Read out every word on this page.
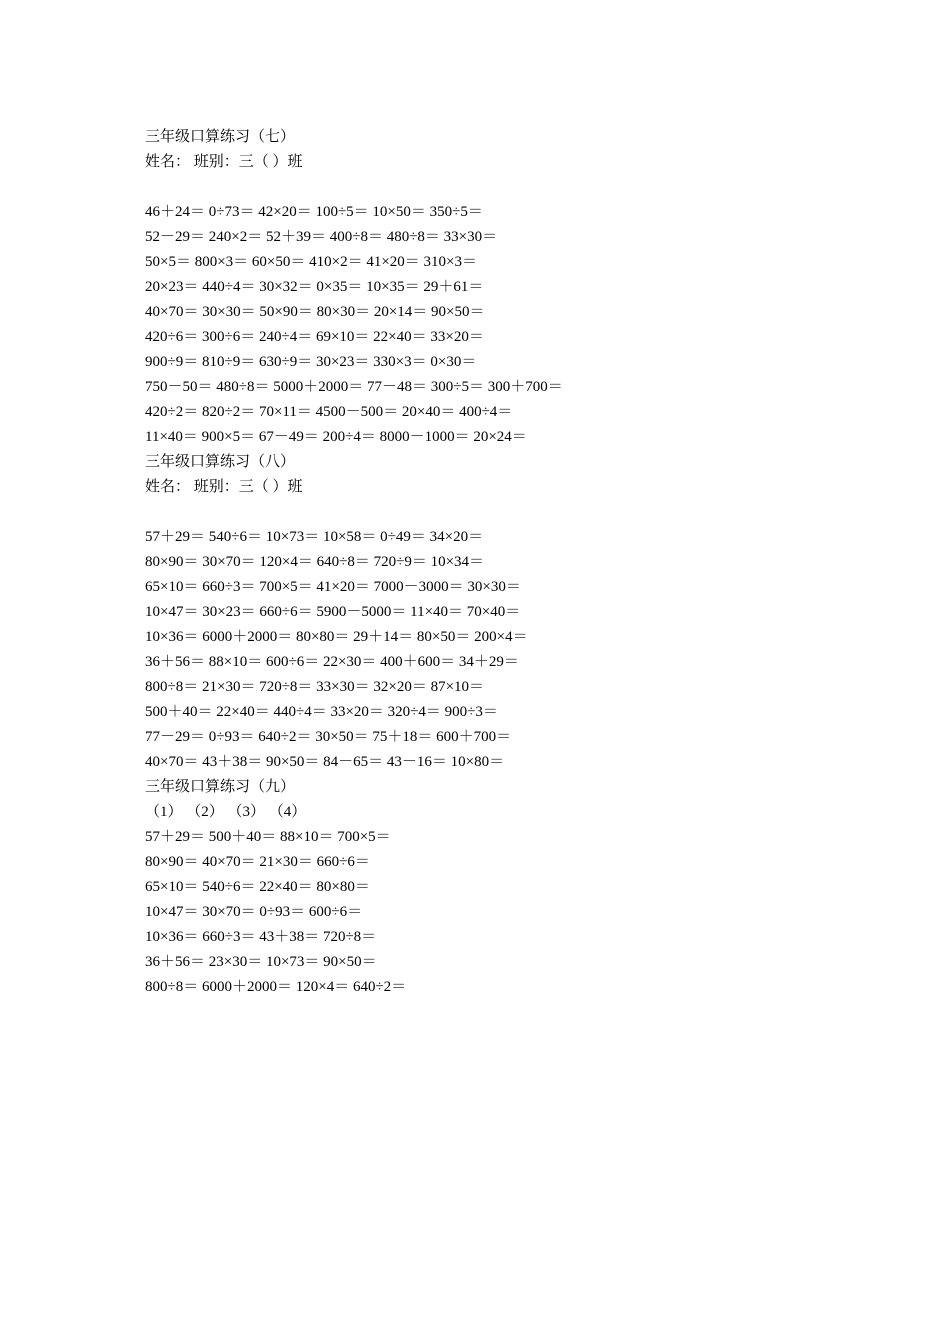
三年级口算练习（七）
姓名： 班别：三（ ）班
46＋24＝ 0÷73＝ 42×20＝ 100÷5＝ 10×50＝ 350÷5＝
52－29＝ 240×2＝ 52＋39＝ 400÷8＝ 480÷8＝ 33×30＝
50×5＝ 800×3＝ 60×50＝ 410×2＝ 41×20＝ 310×3＝
20×23＝ 440÷4＝ 30×32＝ 0×35＝ 10×35＝ 29＋61＝
40×70＝ 30×30＝ 50×90＝ 80×30＝ 20×14＝ 90×50＝
420÷6＝ 300÷6＝ 240÷4＝ 69×10＝ 22×40＝ 33×20＝
900÷9＝ 810÷9＝ 630÷9＝ 30×23＝ 330×3＝ 0×30＝
750－50＝ 480÷8＝ 5000＋2000＝ 77－48＝ 300÷5＝ 300＋700＝
420÷2＝ 820÷2＝ 70×11＝ 4500－500＝ 20×40＝ 400÷4＝
11×40＝ 900×5＝ 67－49＝ 200÷4＝ 8000－1000＝ 20×24＝
三年级口算练习（八）
姓名： 班别：三（ ）班
57＋29＝ 540÷6＝ 10×73＝ 10×58＝ 0÷49＝ 34×20＝
80×90＝ 30×70＝ 120×4＝ 640÷8＝ 720÷9＝ 10×34＝
65×10＝ 660÷3＝ 700×5＝ 41×20＝ 7000－3000＝ 30×30＝
10×47＝ 30×23＝ 660÷6＝ 5900－5000＝ 11×40＝ 70×40＝
10×36＝ 6000＋2000＝ 80×80＝ 29＋14＝ 80×50＝ 200×4＝
36＋56＝ 88×10＝ 600÷6＝ 22×30＝ 400＋600＝ 34＋29＝
800÷8＝ 21×30＝ 720÷8＝ 33×30＝ 32×20＝ 87×10＝
500＋40＝ 22×40＝ 440÷4＝ 33×20＝ 320÷4＝ 900÷3＝
77－29＝ 0÷93＝ 640÷2＝ 30×50＝ 75＋18＝ 600＋700＝
40×70＝ 43＋38＝ 90×50＝ 84－65＝ 43－16＝ 10×80＝
三年级口算练习（九）
（1） （2） （3） （4）
57＋29＝ 500＋40＝ 88×10＝ 700×5＝
80×90＝ 40×70＝ 21×30＝ 660÷6＝
65×10＝ 540÷6＝ 22×40＝ 80×80＝
10×47＝ 30×70＝ 0÷93＝ 600÷6＝
10×36＝ 660÷3＝ 43＋38＝ 720÷8＝
36＋56＝ 23×30＝ 10×73＝ 90×50＝
800÷8＝ 6000＋2000＝ 120×4＝ 640÷2＝
